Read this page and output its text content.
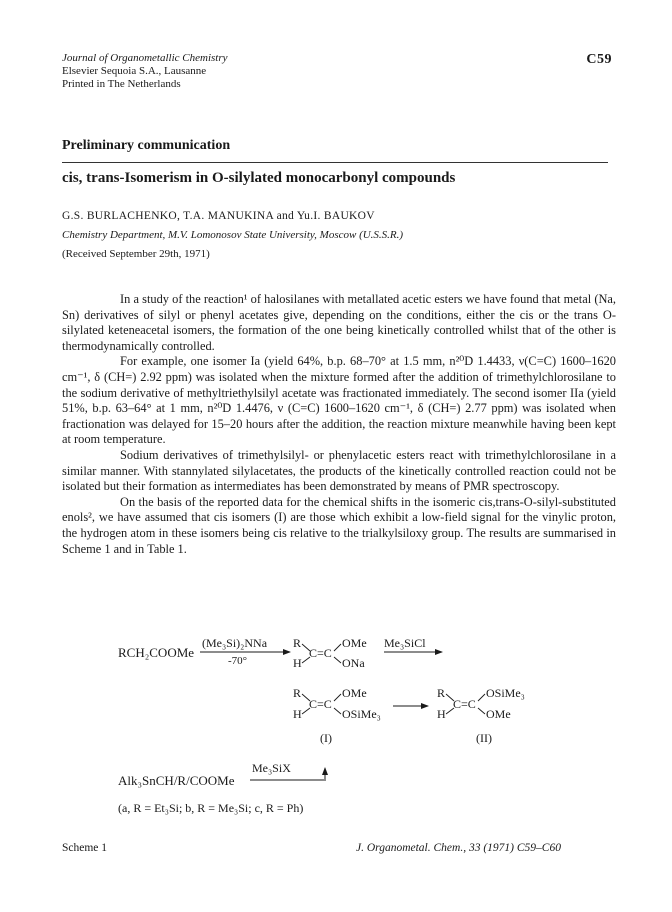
Journal of Organometallic Chemistry
Elsevier Sequoia S.A., Lausanne
Printed in The Netherlands
C59
Preliminary communication
cis, trans-Isomerism in O-silylated monocarbonyl compounds
G.S. BURLACHENKO, T.A. MANUKINA and Yu.I. BAUKOV
Chemistry Department, M.V. Lomonosov State University, Moscow (U.S.S.R.)
(Received September 29th, 1971)

In a study of the reaction¹ of halosilanes with metallated acetic esters we have found that metal (Na, Sn) derivatives of silyl or phenyl acetates give, depending on the conditions, either the cis or the trans O-silylated keteneacetal isomers, the formation of the one being kinetically controlled whilst that of the other is thermodynamically controlled.

For example, one isomer Ia (yield 64%, b.p. 68–70° at 1.5 mm, n²⁰D 1.4433, ν(C=C) 1600–1620 cm⁻¹, δ (CH=) 2.92 ppm) was isolated when the mixture formed after the addition of trimethylchlorosilane to the sodium derivative of methyltriethylsilyl acetate was fractionated immediately. The second isomer IIa (yield 51%, b.p. 63–64° at 1 mm, n²⁰D 1.4476, ν (C=C) 1600–1620 cm⁻¹, δ (CH=) 2.77 ppm) was isolated when fractionation was delayed for 15–20 hours after the addition, the reaction mixture meanwhile having been kept at room temperature.

Sodium derivatives of trimethylsilyl- or phenylacetic esters react with trimethylchlorosilane in a similar manner. With stannylated silylacetates, the products of the kinetically controlled reaction could not be isolated but their formation as intermediates has been demonstrated by means of PMR spectroscopy.

On the basis of the reported data for the chemical shifts in the isomeric cis,trans-O-silyl-substituted enols², we have assumed that cis isomers (I) are those which exhibit a low-field signal for the vinylic proton, the hydrogen atom in these isomers being cis relative to the trialkylsiloxy group. The results are summarised in Scheme 1 and in Table 1.

RCH₂COOMe
(Me₃Si)₂NNa
-70°
R
H
C=C
OMe
ONa
Me₃SiCl
R
H
C=C
OMe
OSiMe₃
R
H
C=C
OSiMe₃
OMe
(I)	(II)
Alk₃SnCH/R/COOMe
Me₃SiX
(a, R = Et₃Si; b, R = Me₃Si; c, R = Ph)
Scheme 1	J. Organometal. Chem., 33 (1971) C59–C60
